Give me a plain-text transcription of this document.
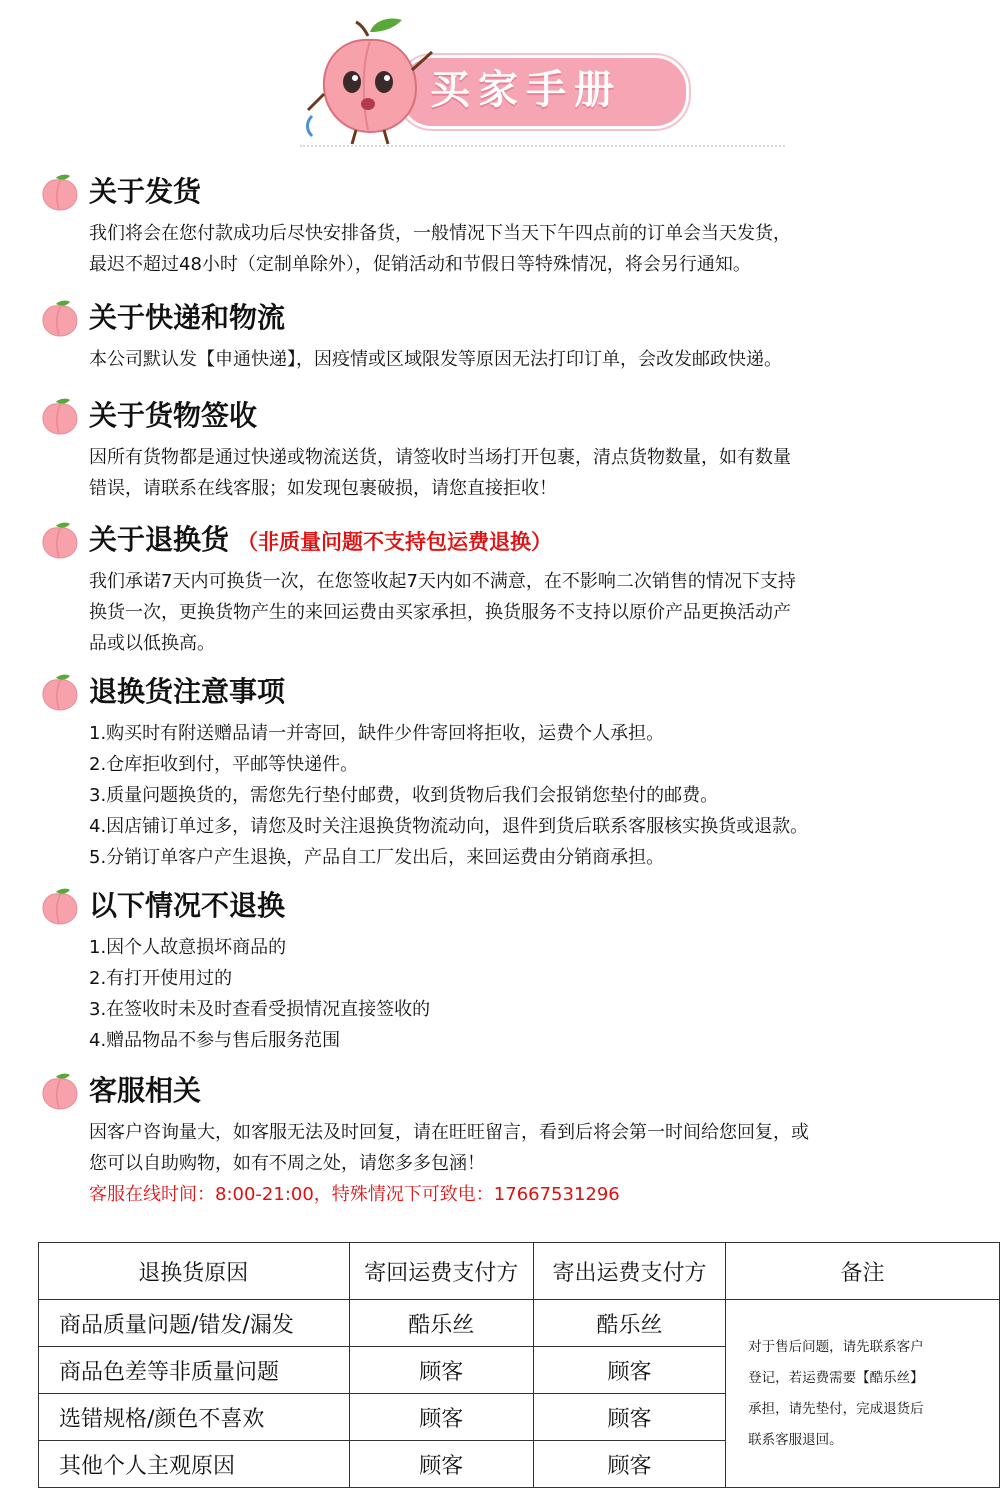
买家手册
关于发货

我们将会在您付款成功后尽快安排备货，一般情况下当天下午四点前的订单会当天发货，

最迟不超过48小时（定制单除外），促销活动和节假日等特殊情况，将会另行通知。

关于快递和物流

本公司默认发【申通快递】，因疫情或区域限发等原因无法打印订单，会改发邮政快递。

关于货物签收

因所有货物都是通过快递或物流送货，请签收时当场打开包裹，清点货物数量，如有数量

错误，请联系在线客服；如发现包裹破损，请您直接拒收！

关于退换货 （非质量问题不支持包运费退换）

我们承诺7天内可换货一次，在您签收起7天内如不满意，在不影响二次销售的情况下支持

换货一次，更换货物产生的来回运费由买家承担，换货服务不支持以原价产品更换活动产

品或以低换高。

退换货注意事项

1.购买时有附送赠品请一并寄回，缺件少件寄回将拒收，运费个人承担。

2.仓库拒收到付，平邮等快递件。

3.质量问题换货的，需您先行垫付邮费，收到货物后我们会报销您垫付的邮费。

4.因店铺订单过多，请您及时关注退换货物流动向，退件到货后联系客服核实换货或退款。

5.分销订单客户产生退换，产品自工厂发出后，来回运费由分销商承担。

以下情况不退换

1.因个人故意损坏商品的

2.有打开使用过的

3.在签收时未及时查看受损情况直接签收的

4.赠品物品不参与售后服务范围

客服相关

因客户咨询量大，如客服无法及时回复，请在旺旺留言，看到后将会第一时间给您回复，或

您可以自助购物，如有不周之处，请您多多包涵！

客服在线时间：8:00-21:00，特殊情况下可致电：17667531296

退换货原因	寄回运费支付方	寄出运费支付方	备注
商品质量问题/错发/漏发	酷乐丝	酷乐丝	对于售后问题，请先联系客户
登记，若运费需要【酷乐丝】
承担，请先垫付，完成退货后
联系客服退回。

商品色差等非质量问题	顾客	顾客	
选错规格/颜色不喜欢	顾客	顾客	
其他个人主观原因	顾客	顾客	
